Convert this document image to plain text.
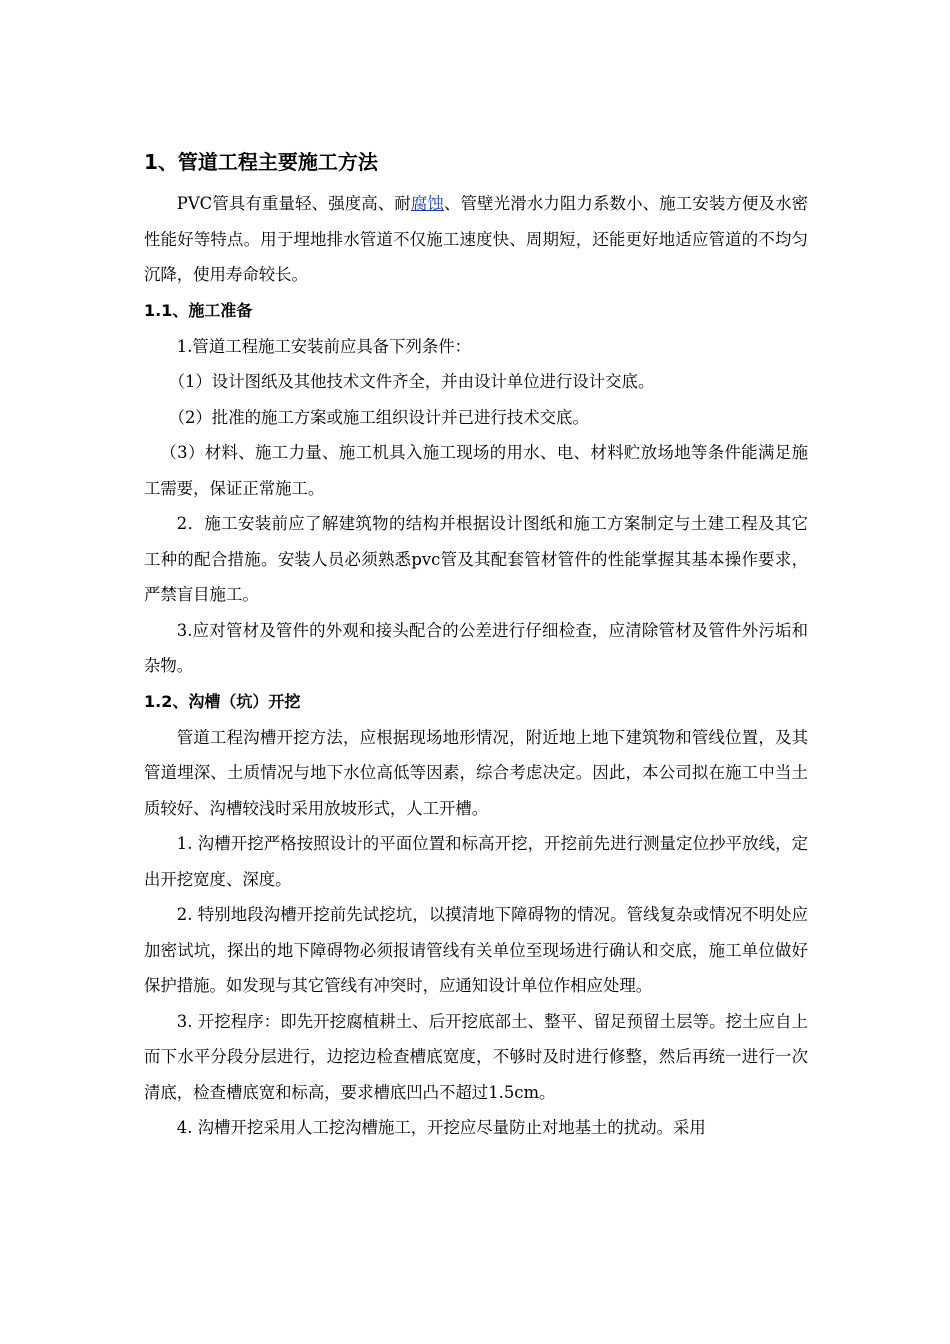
1、管道工程主要施工方法

PVC管具有重量轻、强度高、耐腐蚀、管壁光滑水力阻力系数小、施工安装方便及水密性能好等特点。用于埋地排水管道不仅施工速度快、周期短，还能更好地适应管道的不均匀沉降，使用寿命较长。

1.1、施工准备

1.管道工程施工安装前应具备下列条件：

（1）设计图纸及其他技术文件齐全，并由设计单位进行设计交底。

（2）批准的施工方案或施工组织设计并已进行技术交底。

（3）材料、施工力量、施工机具入施工现场的用水、电、材料贮放场地等条件能满足施工需要，保证正常施工。

2．施工安装前应了解建筑物的结构并根据设计图纸和施工方案制定与土建工程及其它工种的配合措施。安装人员必须熟悉pvc管及其配套管材管件的性能掌握其基本操作要求，严禁盲目施工。

3.应对管材及管件的外观和接头配合的公差进行仔细检查，应清除管材及管件外污垢和杂物。

1.2、沟槽（坑）开挖

管道工程沟槽开挖方法，应根据现场地形情况，附近地上地下建筑物和管线位置，及其管道埋深、土质情况与地下水位高低等因素，综合考虑决定。因此，本公司拟在施工中当土质较好、沟槽较浅时采用放坡形式，人工开槽。

1. 沟槽开挖严格按照设计的平面位置和标高开挖，开挖前先进行测量定位抄平放线，定出开挖宽度、深度。

2. 特别地段沟槽开挖前先试挖坑，以摸清地下障碍物的情况。管线复杂或情况不明处应加密试坑，探出的地下障碍物必须报请管线有关单位至现场进行确认和交底，施工单位做好保护措施。如发现与其它管线有冲突时，应通知设计单位作相应处理。

3. 开挖程序：即先开挖腐植耕土、后开挖底部土、整平、留足预留土层等。挖土应自上而下水平分段分层进行，边挖边检查槽底宽度，不够时及时进行修整，然后再统一进行一次清底，检查槽底宽和标高，要求槽底凹凸不超过1.5cm。

4. 沟槽开挖采用人工挖沟槽施工，开挖应尽量防止对地基土的扰动。采用
